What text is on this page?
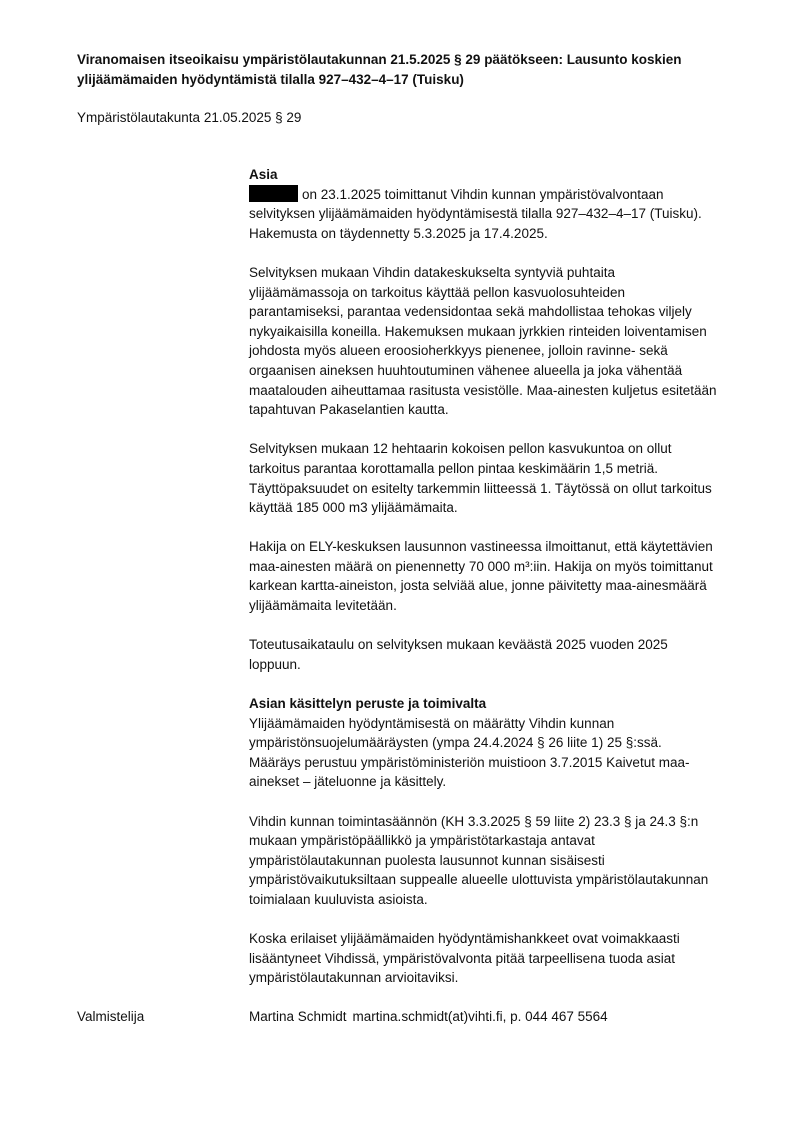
Viranomaisen itseoikaisu ympäristölautakunnan 21.5.2025 § 29 päätökseen: Lausunto koskien ylijäämämaiden hyödyntämistä tilalla 927–432–4–17 (Tuisku)
Ympäristölautakunta 21.05.2025 § 29
Asia

on 23.1.2025 toimittanut Vihdin kunnan ympäristövalvontaan selvityksen ylijäämämaiden hyödyntämisestä tilalla 927–432–4–17 (Tuisku). Hakemusta on täydennetty 5.3.2025 ja 17.4.2025.

Selvityksen mukaan Vihdin datakeskukselta syntyviä puhtaita ylijäämämassoja on tarkoitus käyttää pellon kasvuolosuhteiden parantamiseksi, parantaa vedensidontaa sekä mahdollistaa tehokas viljely nykyaikaisilla koneilla. Hakemuksen mukaan jyrkkien rinteiden loiventamisen johdosta myös alueen eroosioherkkyys pienenee, jolloin ravinne- sekä orgaanisen aineksen huuhtoutuminen vähenee alueella ja joka vähentää maatalouden aiheuttamaa rasitusta vesistölle. Maa-ainesten kuljetus esitetään tapahtuvan Pakaselantien kautta.

Selvityksen mukaan 12 hehtaarin kokoisen pellon kasvukuntoa on ollut tarkoitus parantaa korottamalla pellon pintaa keskimäärin 1,5 metriä. Täyttöpaksuudet on esitelty tarkemmin liitteessä 1. Täytössä on ollut tarkoitus käyttää 185 000 m3 ylijäämämaita.

Hakija on ELY-keskuksen lausunnon vastineessa ilmoittanut, että käytettävien maa-ainesten määrä on pienennetty 70 000 m³:iin. Hakija on myös toimittanut karkean kartta-aineiston, josta selviää alue, jonne päivitetty maa-ainesmäärä ylijäämämaita levitetään.

Toteutusaikataulu on selvityksen mukaan keväästä 2025 vuoden 2025 loppuun.

Asian käsittelyn peruste ja toimivalta

Ylijäämämaiden hyödyntämisestä on määrätty Vihdin kunnan ympäristönsuojelumääräysten (ympa 24.4.2024 § 26 liite 1) 25 §:ssä. Määräys perustuu ympäristöministeriön muistioon 3.7.2015 Kaivetut maa-ainekset – jäteluonne ja käsittely.

Vihdin kunnan toimintasäännön (KH 3.3.2025 § 59 liite 2) 23.3 § ja 24.3 §:n mukaan ympäristöpäällikkö ja ympäristötarkastaja antavat ympäristölautakunnan puolesta lausunnot kunnan sisäisesti ympäristövaikutuksiltaan suppealle alueelle ulottuvista ympäristölautakunnan toimialaan kuuluvista asioista.

Koska erilaiset ylijäämämaiden hyödyntämishankkeet ovat voimakkaasti lisääntyneet Vihdissä, ympäristövalvonta pitää tarpeellisena tuoda asiat ympäristölautakunnan arvioitaviksi.

Valmistelija	Martina Schmidt martina.schmidt(at)vihti.fi, p. 044 467 5564
